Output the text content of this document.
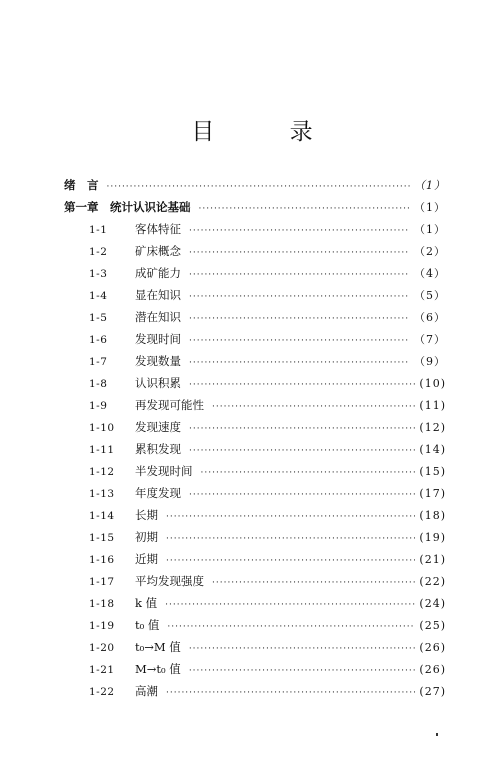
目 录
绪　言 ·····	（1）
第一章　统计认识论基础 ·····	（1）
1-1	客体特征 ·····	（1）
1-2	矿床概念 ·····	（2）
1-3	成矿能力 ·····	（4）
1-4	显在知识 ·····	（5）
1-5	潜在知识 ·····	（6）
1-6	发现时间 ·····	（7）
1-7	发现数量 ·····	（9）
1-8	认识积累 ·····	(10)
1-9	再发现可能性 ·····	(11)
1-10	发现速度 ·····	(12)
1-11	累积发现 ·····	(14)
1-12	半发现时间 ·····	(15)
1-13	年度发现 ·····	(17)
1-14	长期 ·····	(18)
1-15	初期 ·····	(19)
1-16	近期 ·····	(21)
1-17	平均发现强度 ·····	(22)
1-18	k 值 ·····	(24)
1-19	t₀ 值 ·····	(25)
1-20	t₀→M 值 ·····	(26)
1-21	M→t₀ 值 ·····	(26)
1-22	高潮 ·····	(27)
